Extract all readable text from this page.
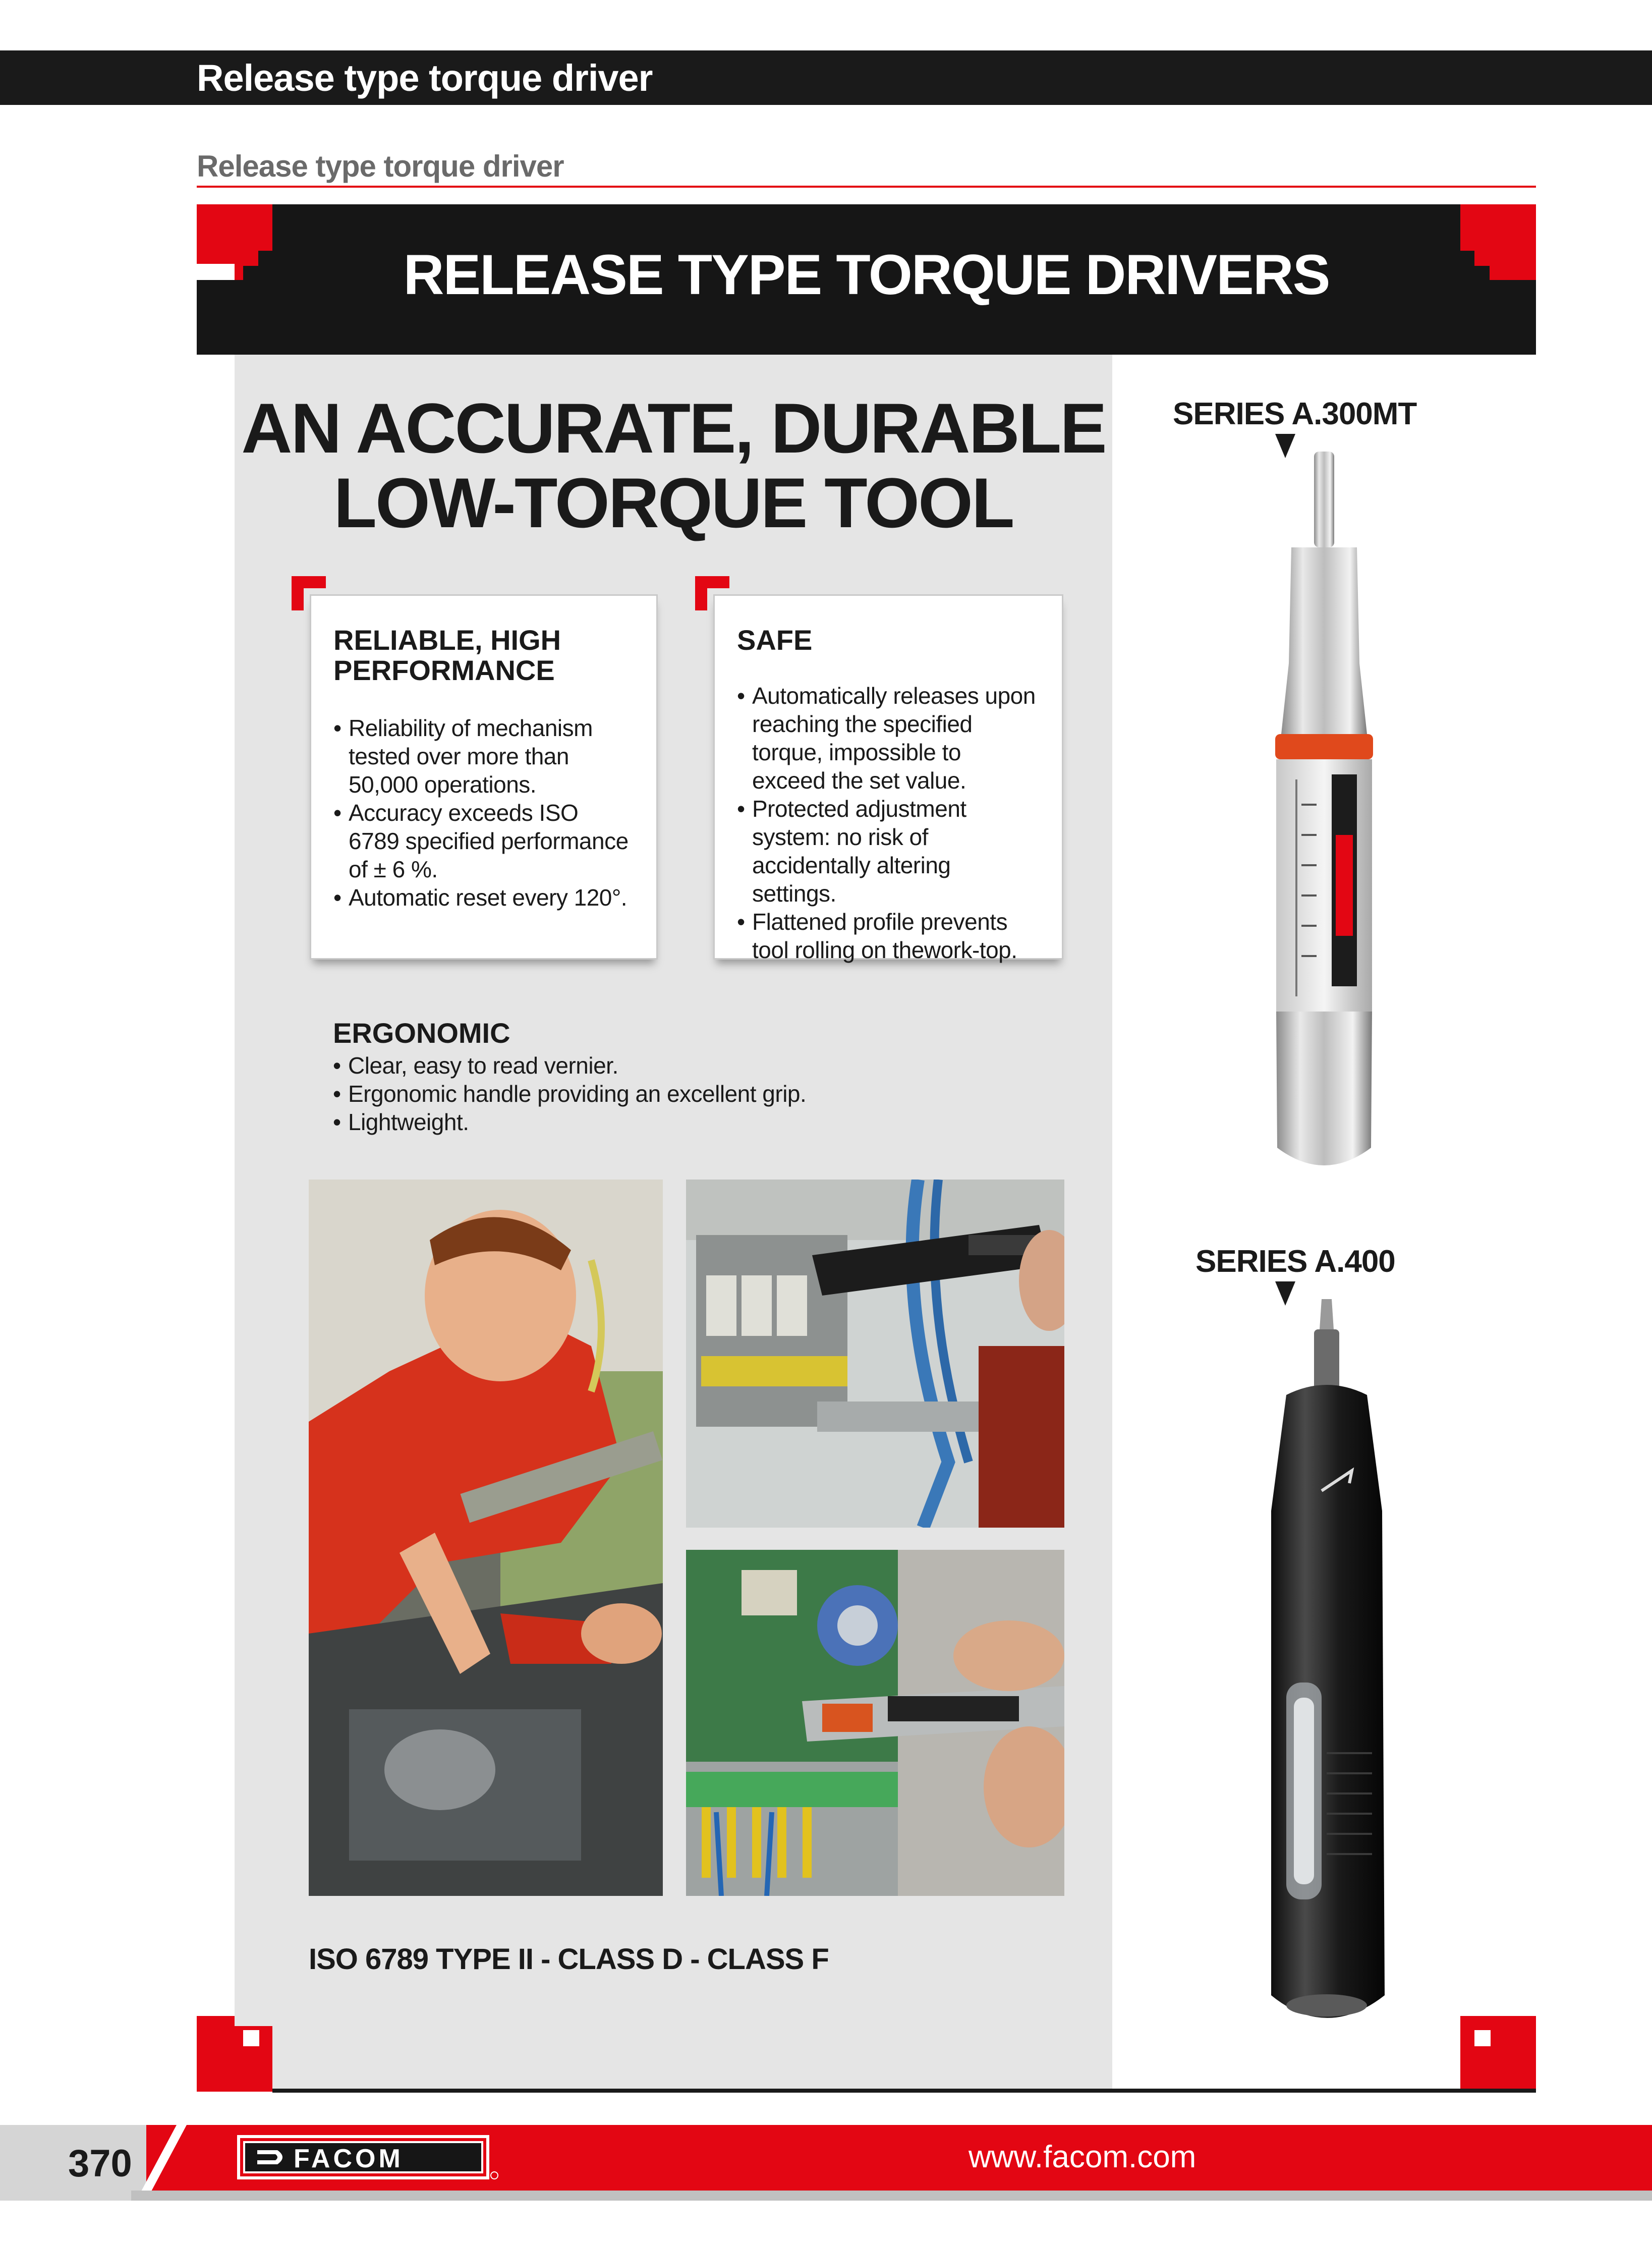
Release type torque driver
Release type torque driver
RELEASE TYPE TORQUE DRIVERS
AN ACCURATE, DURABLE
LOW-TORQUE TOOL
RELIABLE, HIGH
PERFORMANCE
• Reliability of mechanism tested over more than 50,000 operations.
• Accuracy exceeds ISO 6789 specified performance of ± 6 %.
• Automatic reset every 120°.
SAFE
• Automatically releases upon reaching the specified torque, impossible to exceed the set value.
• Protected adjustment system: no risk of accidentally altering settings.
• Flattened profile prevents tool rolling on thework-top.
ERGONOMIC
• Clear, easy to read vernier.
• Ergonomic handle providing an excellent grip.
• Lightweight.
ISO 6789 TYPE II - CLASS D - CLASS F
SERIES A.300MT
SERIES A.400
370	FACOM	www.facom.com
